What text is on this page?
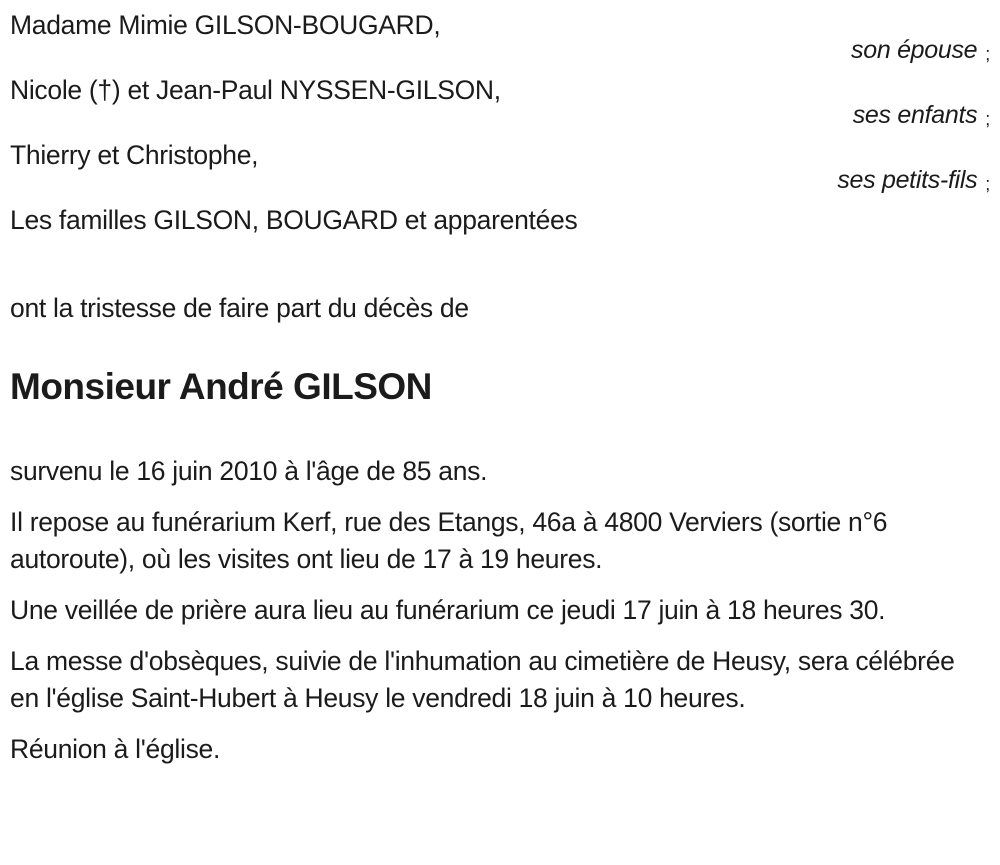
Madame Mimie GILSON-BOUGARD,
son épouse ;
Nicole (†) et Jean-Paul NYSSEN-GILSON,
ses enfants ;
Thierry et Christophe,
ses petits-fils ;
Les familles GILSON, BOUGARD et apparentées

ont la tristesse de faire part du décès de

Monsieur André GILSON

survenu le 16 juin 2010 à l'âge de 85 ans.

Il repose au funérarium Kerf, rue des Etangs, 46a à 4800 Verviers (sortie n°6 autoroute), où les visites ont lieu de 17 à 19 heures.

Une veillée de prière aura lieu au funérarium ce jeudi 17 juin à 18 heures 30.

La messe d'obsèques, suivie de l'inhumation au cimetière de Heusy, sera célébrée en l'église Saint-Hubert à Heusy le vendredi 18 juin à 10 heures.

Réunion à l'église.
